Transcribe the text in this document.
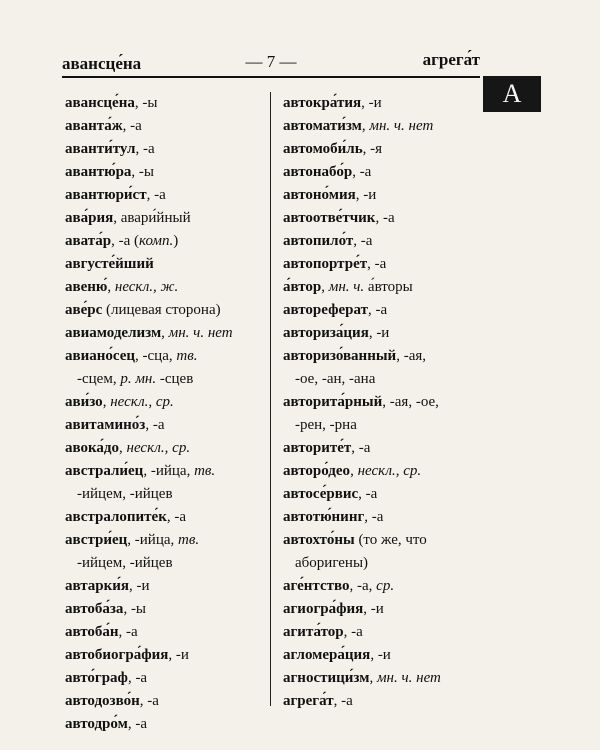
авансце́на	— 7 —	агрега́т
А
авансце́на, -ы
аванта́ж, -а
аванти́тул, -а
авантю́ра, -ы
авантюри́ст, -а
ава́рия, авари́йный
авата́р, -а (комп.)
августе́йший
авеню́, нескл., ж.
аве́рс (лицевая сторона)
авиамоделизм, мн. ч. нет
авиано́сец, -сца, тв.
-сцем, р. мн. -сцев
ави́зо, нескл., ср.
авитамино́з, -а
авока́до, нескл., ср.
австрали́ец, -ийца, тв.
-ийцем, -ийцев
австралопите́к, -а
австри́ец, -ийца, тв.
-ийцем, -ийцев
автарки́я, -и
автоба́за, -ы
автоба́н, -а
автобиогра́фия, -и
авто́граф, -а
автодозво́н, -а
автодро́м, -а
автокра́тия, -и
автомати́зм, мн. ч. нет
автомоби́ль, -я
автонабо́р, -а
автоно́мия, -и
автоотве́тчик, -а
автопило́т, -а
автопортре́т, -а
а́втор, мн. ч. а́вторы
автореферат, -а
авториза́ция, -и
авторизо́ванный, -ая,
-ое, -ан, -ана
авторита́рный, -ая, -ое,
-рен, -рна
авторите́т, -а
авторо́део, нескл., ср.
автосе́рвис, -а
автотю́нинг, -а
автохто́ны (то же, что
аборигены)
аге́нтство, -а, ср.
агиогра́фия, -и
агита́тор, -а
агломера́ция, -и
агностици́зм, мн. ч. нет
агрега́т, -а
